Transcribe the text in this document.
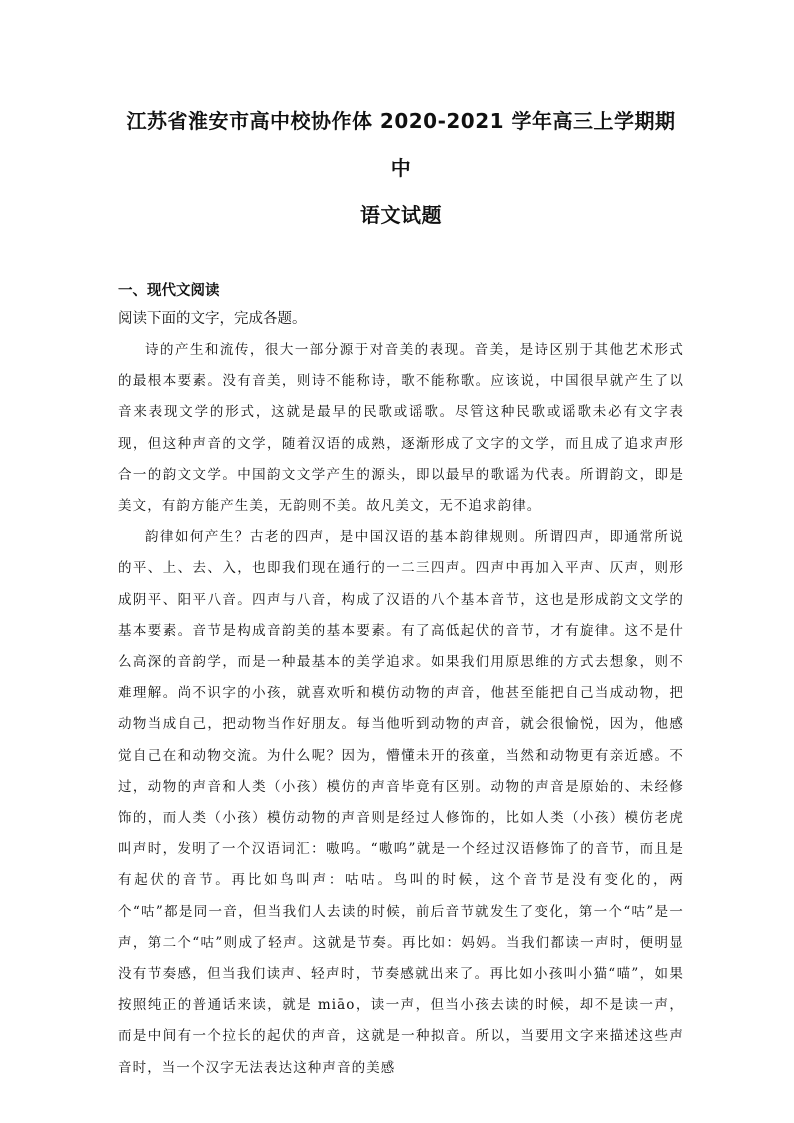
江苏省淮安市高中校协作体 2020-2021 学年高三上学期期中

语文试题

一、现代文阅读

阅读下面的文字，完成各题。

诗的产生和流传，很大一部分源于对音美的表现。音美，是诗区别于其他艺术形式的最根本要素。没有音美，则诗不能称诗，歌不能称歌。应该说，中国很早就产生了以音来表现文学的形式，这就是最早的民歌或谣歌。尽管这种民歌或谣歌未必有文字表现，但这种声音的文学，随着汉语的成熟，逐渐形成了文字的文学，而且成了追求声形合一的韵文文学。中国韵文文学产生的源头，即以最早的歌谣为代表。所谓韵文，即是美文，有韵方能产生美，无韵则不美。故凡美文，无不追求韵律。

韵律如何产生？古老的四声，是中国汉语的基本韵律规则。所谓四声，即通常所说的平、上、去、入，也即我们现在通行的一二三四声。四声中再加入平声、仄声，则形成阴平、阳平八音。四声与八音，构成了汉语的八个基本音节，这也是形成韵文文学的基本要素。音节是构成音韵美的基本要素。有了高低起伏的音节，才有旋律。这不是什么高深的音韵学，而是一种最基本的美学追求。如果我们用原思维的方式去想象，则不难理解。尚不识字的小孩，就喜欢听和模仿动物的声音，他甚至能把自己当成动物，把动物当成自己，把动物当作好朋友。每当他听到动物的声音，就会很愉悦，因为，他感觉自己在和动物交流。为什么呢？因为，懵懂未开的孩童，当然和动物更有亲近感。不过，动物的声音和人类（小孩）模仿的声音毕竟有区别。动物的声音是原始的、未经修饰的，而人类（小孩）模仿动物的声音则是经过人修饰的，比如人类（小孩）模仿老虎叫声时，发明了一个汉语词汇：嗷呜。“嗷呜”就是一个经过汉语修饰了的音节，而且是有起伏的音节。再比如鸟叫声：咕咕。鸟叫的时候，这个音节是没有变化的，两个“咕”都是同一音，但当我们人去读的时候，前后音节就发生了变化，第一个“咕”是一声，第二个“咕”则成了轻声。这就是节奏。再比如：妈妈。当我们都读一声时，便明显没有节奏感，但当我们读声、轻声时，节奏感就出来了。再比如小孩叫小猫“喵”，如果按照纯正的普通话来读，就是 miāo，读一声，但当小孩去读的时候，却不是读一声，而是中间有一个拉长的起伏的声音，这就是一种拟音。所以，当要用文字来描述这些声音时，当一个汉字无法表达这种声音的美感
